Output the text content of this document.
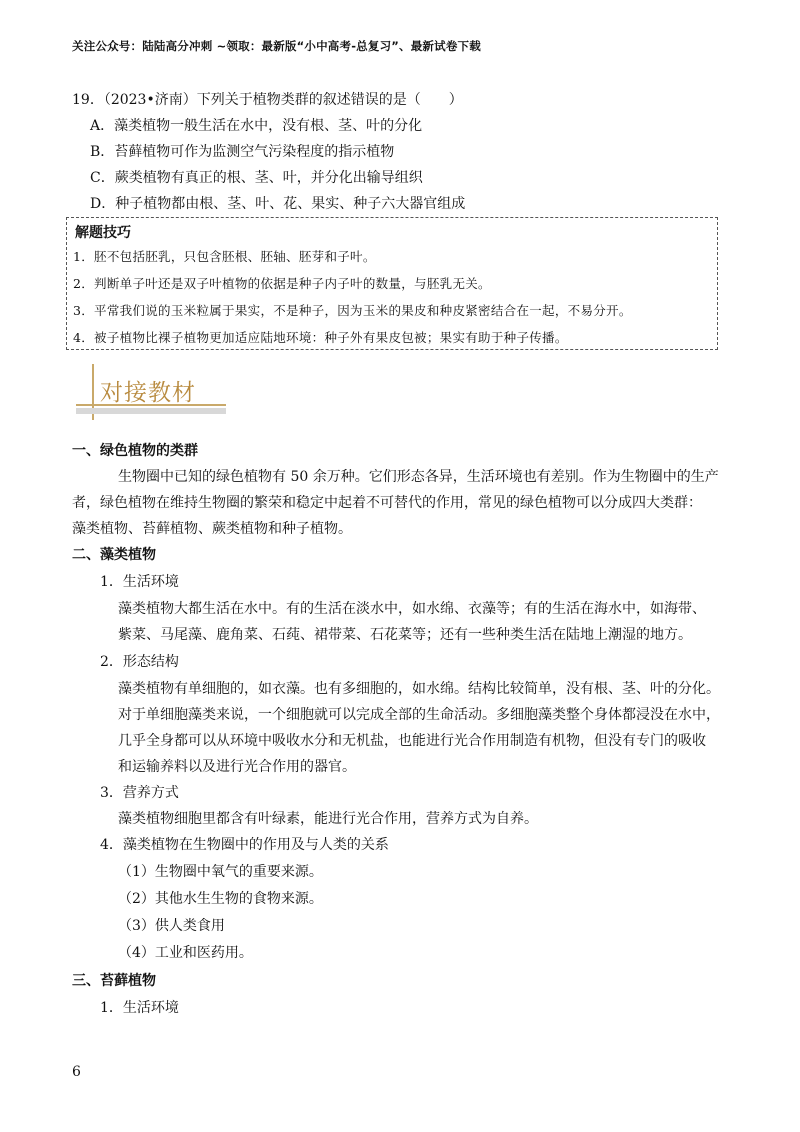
关注公众号：陆陆高分冲刺 ~领取：最新版“小中高考-总复习”、最新试卷下载
19．（2023•济南）下列关于植物类群的叙述错误的是（　　）
A．藻类植物一般生活在水中，没有根、茎、叶的分化
B．苔藓植物可作为监测空气污染程度的指示植物
C．蕨类植物有真正的根、茎、叶，并分化出输导组织
D．种子植物都由根、茎、叶、花、果实、种子六大器官组成
解题技巧
1．胚不包括胚乳，只包含胚根、胚轴、胚芽和子叶。
2．判断单子叶还是双子叶植物的依据是种子内子叶的数量，与胚乳无关。
3．平常我们说的玉米粒属于果实，不是种子，因为玉米的果皮和种皮紧密结合在一起，不易分开。
4．被子植物比裸子植物更加适应陆地环境：种子外有果皮包被；果实有助于种子传播。
对接教材
一、绿色植物的类群
生物圈中已知的绿色植物有 50 余万种。它们形态各异，生活环境也有差别。作为生物圈中的生产
者，绿色植物在维持生物圈的繁荣和稳定中起着不可替代的作用，常见的绿色植物可以分成四大类群：
藻类植物、苔藓植物、蕨类植物和种子植物。
二、藻类植物
1．生活环境
藻类植物大都生活在水中。有的生活在淡水中，如水绵、衣藻等；有的生活在海水中，如海带、
紫菜、马尾藻、鹿角菜、石莼、裙带菜、石花菜等；还有一些种类生活在陆地上潮湿的地方。
2．形态结构
藻类植物有单细胞的，如衣藻。也有多细胞的，如水绵。结构比较简单，没有根、茎、叶的分化。
对于单细胞藻类来说，一个细胞就可以完成全部的生命活动。多细胞藻类整个身体都浸没在水中，
几乎全身都可以从环境中吸收水分和无机盐，也能进行光合作用制造有机物，但没有专门的吸收
和运输养料以及进行光合作用的器官。
3．营养方式
藻类植物细胞里都含有叶绿素，能进行光合作用，营养方式为自养。
4．藻类植物在生物圈中的作用及与人类的关系
（1）生物圈中氧气的重要来源。
（2）其他水生生物的食物来源。
（3）供人类食用
（4）工业和医药用。
三、苔藓植物
1．生活环境
6
